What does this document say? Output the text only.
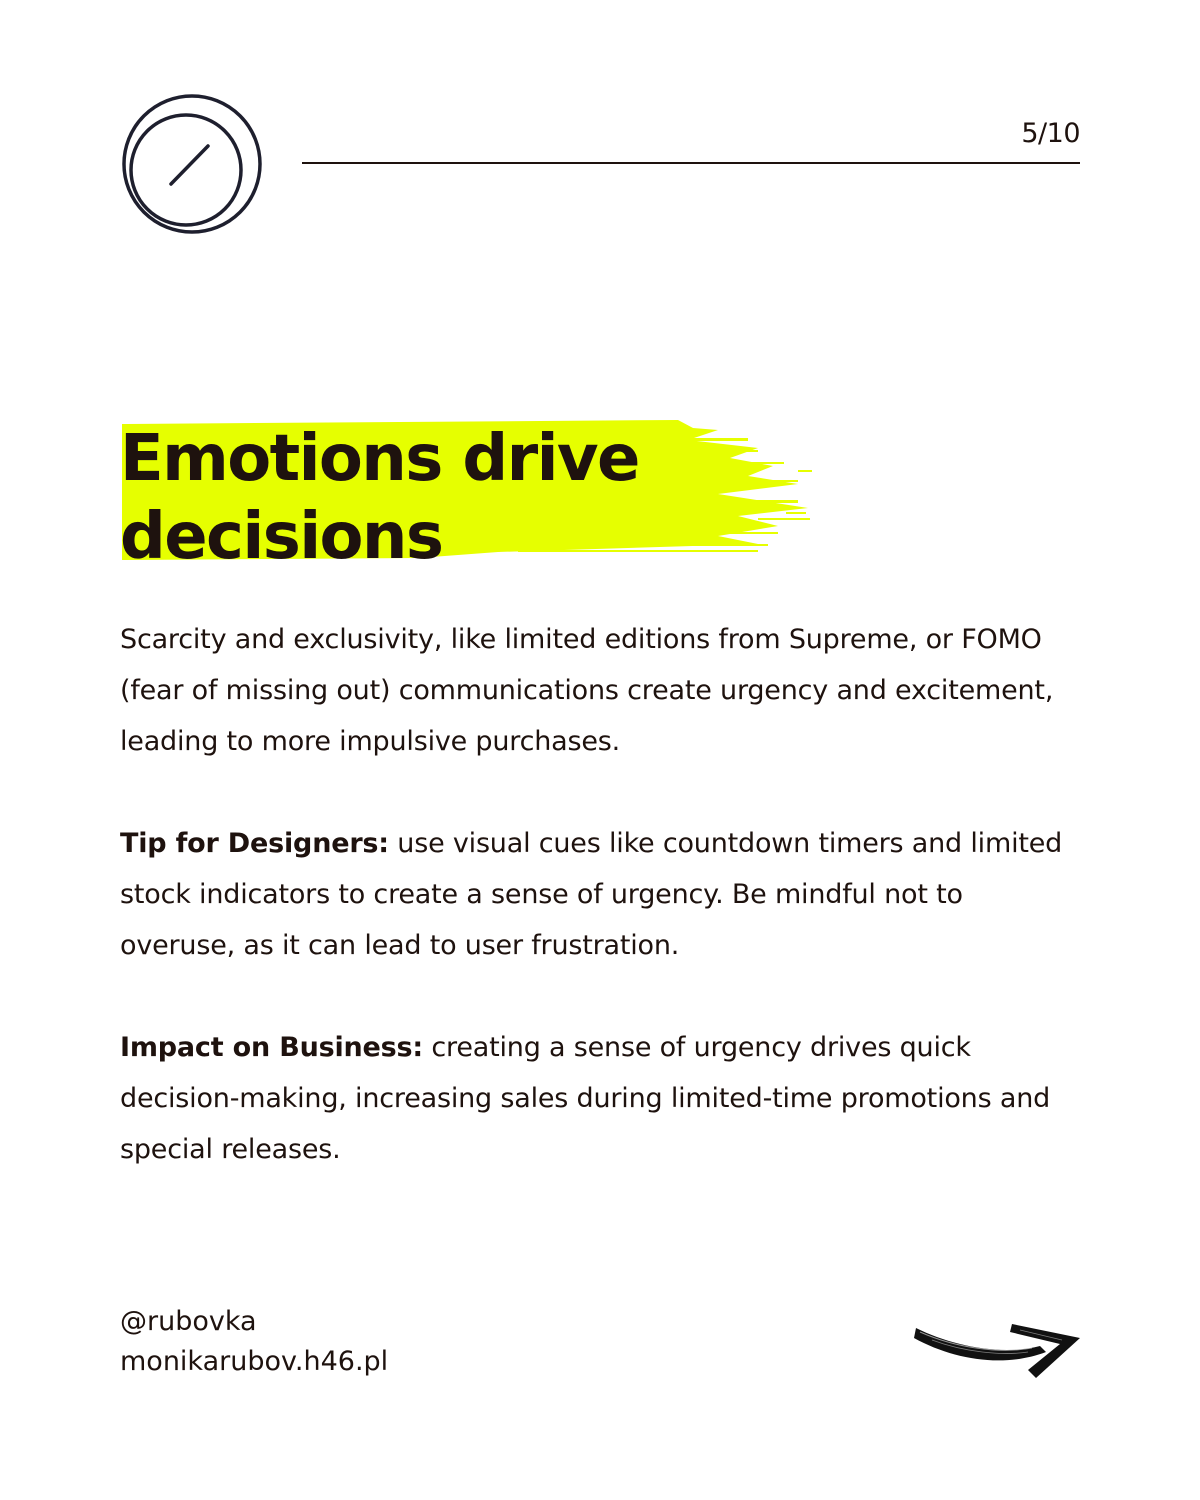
5/10
Emotions drive
decisions

Scarcity and exclusivity, like limited editions from Supreme, or FOMO (fear of missing out) communications create urgency and excitement, leading to more impulsive purchases.

Tip for Designers: use visual cues like countdown timers and limited stock indicators to create a sense of urgency. Be mindful not to overuse, as it can lead to user frustration.

Impact on Business: creating a sense of urgency drives quick decision-making, increasing sales during limited-time promotions and special releases.

@rubovka
monikarubov.h46.pl
